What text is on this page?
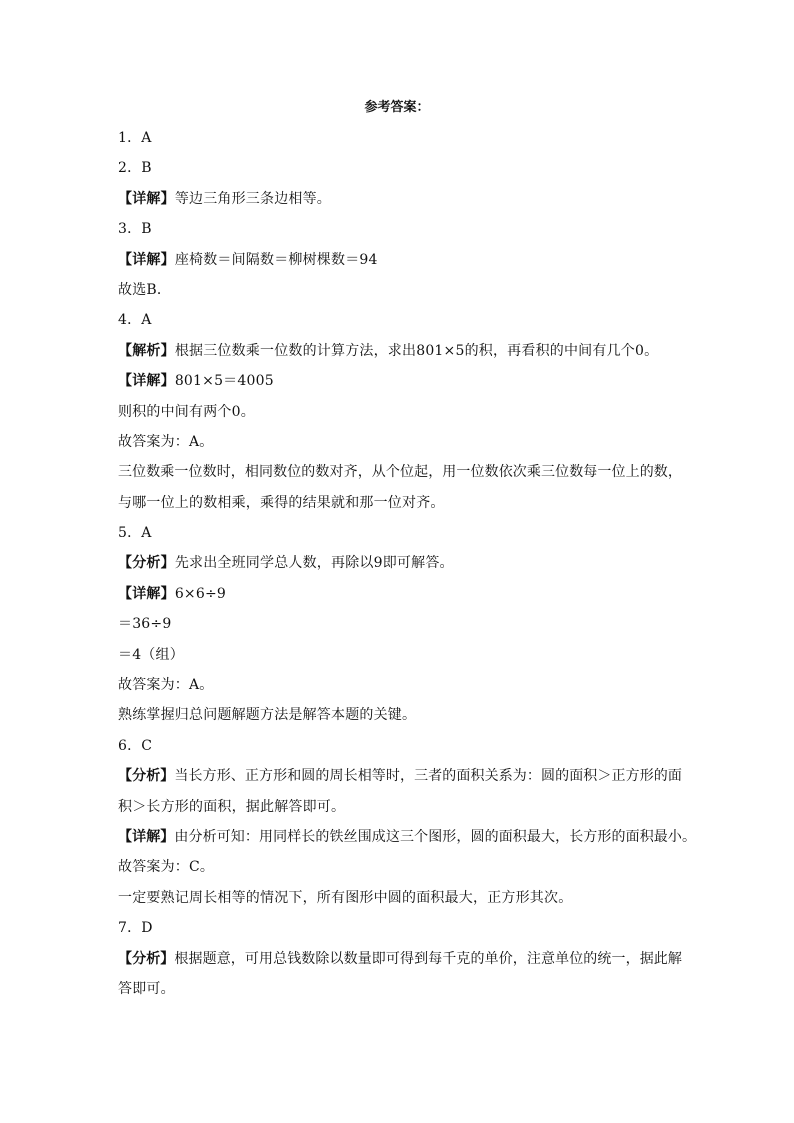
参考答案：
1．A
2．B
【详解】等边三角形三条边相等。
3．B
【详解】座椅数＝间隔数＝柳树棵数＝94
故选B．
4．A
【解析】根据三位数乘一位数的计算方法，求出801×5的积，再看积的中间有几个0。
【详解】801×5＝4005
则积的中间有两个0。
故答案为：A。
三位数乘一位数时，相同数位的数对齐，从个位起，用一位数依次乘三位数每一位上的数，
与哪一位上的数相乘，乘得的结果就和那一位对齐。
5．A
【分析】先求出全班同学总人数，再除以9即可解答。
【详解】6×6÷9
＝36÷9
＝4（组）
故答案为：A。
熟练掌握归总问题解题方法是解答本题的关键。
6．C
【分析】当长方形、正方形和圆的周长相等时，三者的面积关系为：圆的面积＞正方形的面
积＞长方形的面积，据此解答即可。
【详解】由分析可知：用同样长的铁丝围成这三个图形，圆的面积最大，长方形的面积最小。
故答案为：C。
一定要熟记周长相等的情况下，所有图形中圆的面积最大，正方形其次。
7．D
【分析】根据题意，可用总钱数除以数量即可得到每千克的单价，注意单位的统一，据此解
答即可。
